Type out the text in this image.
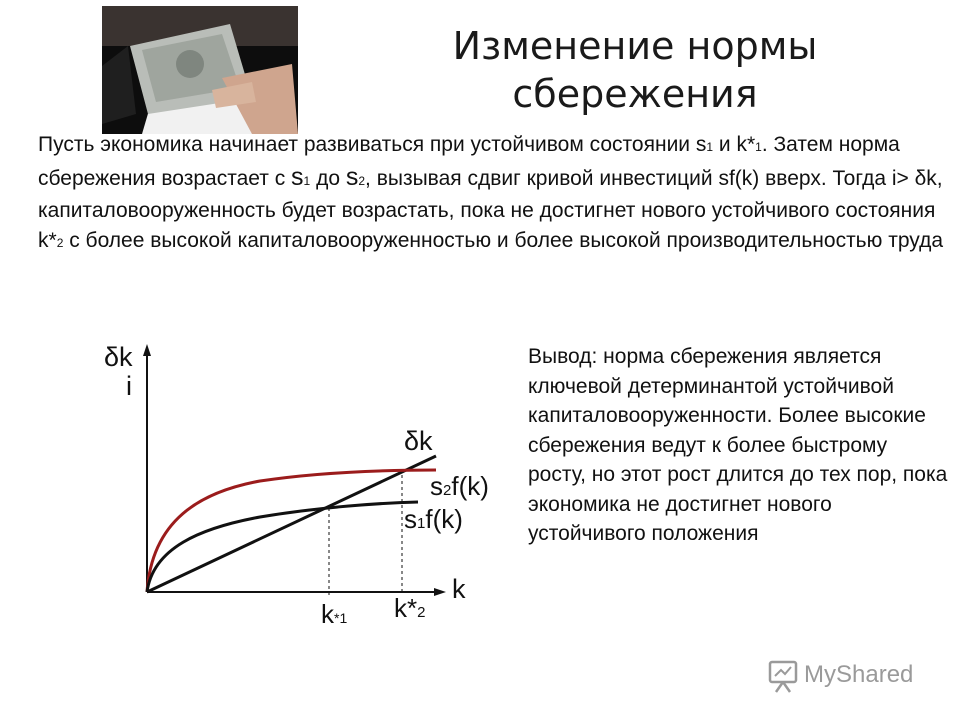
Изменение нормы
сбережения
Пусть экономика начинает развиваться при устойчивом состоянии s1 и k*1. Затем норма сбережения возрастает с s1 до s2, вызывая сдвиг кривой инвестиций sf(k) вверх. Тогда i> δk, капиталовооруженность будет возрастать, пока не достигнет нового устойчивого состояния k*2 с более высокой капиталовооруженностью и более высокой производительностью труда
Вывод: норма сбережения является ключевой детерминантой устойчивой капиталовооруженности. Более высокие сбережения ведут к более быстрому росту, но этот рост длится до тех пор, пока экономика не достигнет нового устойчивого положения
δk
i
k
δk
s2f(k)
s1f(k)
k*1 k*2
MyShared
